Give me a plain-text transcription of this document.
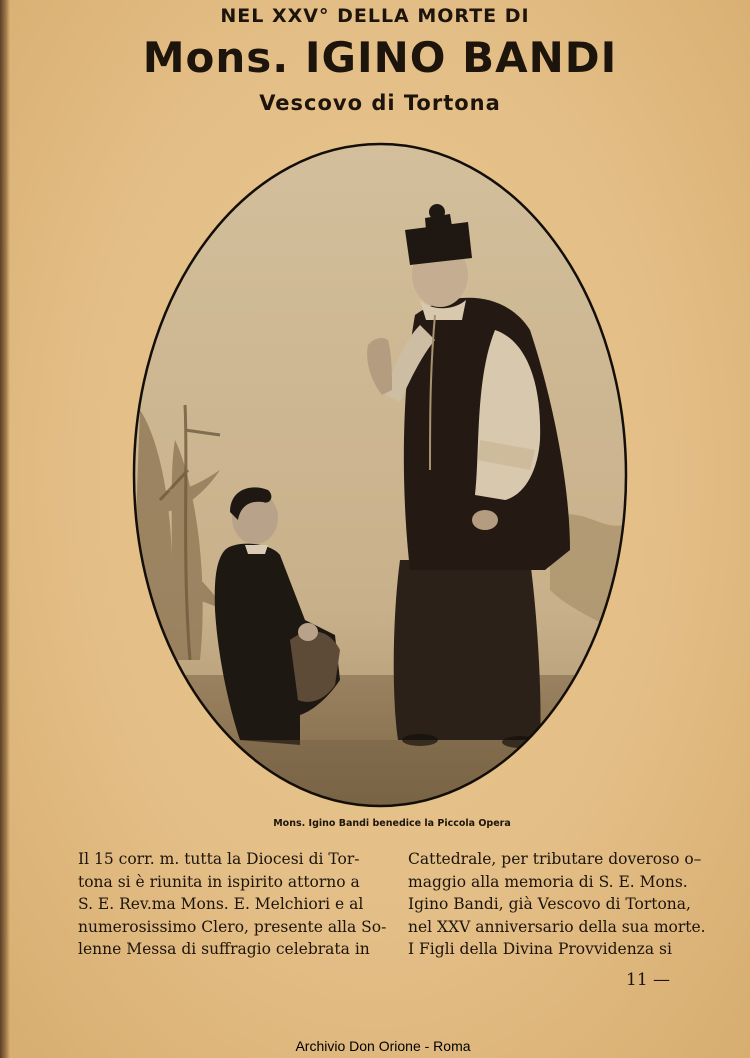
NEL XXV° DELLA MORTE DI
Mons. IGINO BANDI
Vescovo di Tortona
Mons. Igino Bandi benedice la Piccola Opera
Il 15 corr. m. tutta la Diocesi di Tor-
tona si è riunita in ispirito attorno a
S. E. Rev.ma Mons. E. Melchiori e al
numerosissimo Clero, presente alla So-
lenne Messa di suffragio celebrata in
Cattedrale, per tributare doveroso o–
maggio alla memoria di S. E. Mons.
Igino Bandi, già Vescovo di Tortona,
nel XXV anniversario della sua morte.
I Figli della Divina Provvidenza si
11 —
Archivio Don Orione - Roma
